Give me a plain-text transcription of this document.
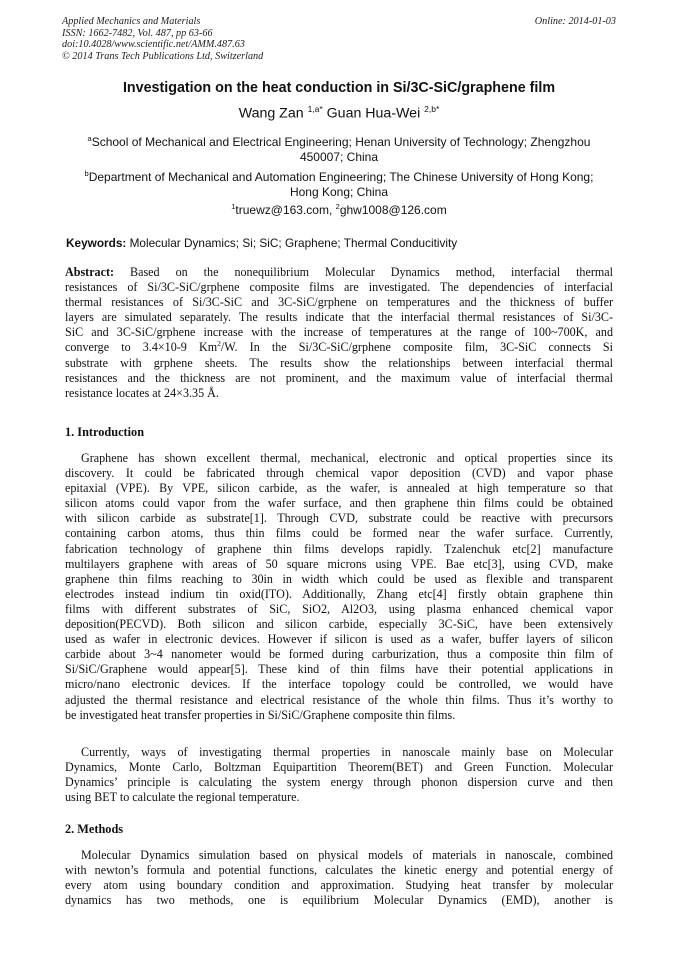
Applied Mechanics and Materials
ISSN: 1662-7482, Vol. 487, pp 63-66
doi:10.4028/www.scientific.net/AMM.487.63
© 2014 Trans Tech Publications Ltd, Switzerland
Online: 2014-01-03
Investigation on the heat conduction in Si/3C-SiC/graphene film
Wang Zan $^{1,a*}$ Guan Hua-Wei $^{2,b*}$
$^a$School of Mechanical and Electrical Engineering; Henan University of Technology; Zhengzhou
450007; China
$^b$Department of Mechanical and Automation Engineering; The Chinese University of Hong Kong;
Hong Kong; China
$^1$truewz@163.com, $^2$ghw1008@126.com
Keywords: Molecular Dynamics; Si; SiC; Graphene; Thermal Conducitivity
Abstract: Based on the nonequilibrium Molecular Dynamics method, interfacial thermal
resistances of Si/3C-SiC/grphene composite films are investigated. The dependencies of interfacial
thermal resistances of Si/3C-SiC and 3C-SiC/grphene on temperatures and the thickness of buffer
layers are simulated separately. The results indicate that the interfacial thermal resistances of Si/3C-
SiC and 3C-SiC/grphene increase with the increase of temperatures at the range of 100~700K, and
converge to 3.4×10-9 Km$^2$/W. In the Si/3C-SiC/grphene composite film, 3C-SiC connects Si
substrate with grphene sheets. The results show the relationships between interfacial thermal
resistances and the thickness are not prominent, and the maximum value of interfacial thermal
resistance locates at 24×3.35 Å.
1. Introduction
Graphene has shown excellent thermal, mechanical, electronic and optical properties since its
discovery. It could be fabricated through chemical vapor deposition (CVD) and vapor phase
epitaxial (VPE). By VPE, silicon carbide, as the wafer, is annealed at high temperature so that
silicon atoms could vapor from the wafer surface, and then graphene thin films could be obtained
with silicon carbide as substrate[1]. Through CVD, substrate could be reactive with precursors
containing carbon atoms, thus thin films could be formed near the wafer surface. Currently,
fabrication technology of graphene thin films develops rapidly. Tzalenchuk etc[2] manufacture
multilayers graphene with areas of 50 square microns using VPE. Bae etc[3], using CVD, make
graphene thin films reaching to 30in in width which could be used as flexible and transparent
electrodes instead indium tin oxid(ITO). Additionally, Zhang etc[4] firstly obtain graphene thin
films with different substrates of SiC, SiO2, Al2O3, using plasma enhanced chemical vapor
deposition(PECVD). Both silicon and silicon carbide, especially 3C-SiC, have been extensively
used as wafer in electronic devices. However if silicon is used as a wafer, buffer layers of silicon
carbide about 3~4 nanometer would be formed during carburization, thus a composite thin film of
Si/SiC/Graphene would appear[5]. These kind of thin films have their potential applications in
micro/nano electronic devices. If the interface topology could be controlled, we would have
adjusted the thermal resistance and electrical resistance of the whole thin films. Thus it’s worthy to
be investigated heat transfer properties in Si/SiC/Graphene composite thin films.
Currently, ways of investigating thermal properties in nanoscale mainly base on Molecular
Dynamics, Monte Carlo, Boltzman Equipartition Theorem(BET) and Green Function. Molecular
Dynamics’ principle is calculating the system energy through phonon dispersion curve and then
using BET to calculate the regional temperature.
2. Methods
Molecular Dynamics simulation based on physical models of materials in nanoscale, combined
with newton’s formula and potential functions, calculates the kinetic energy and potential energy of
every atom using boundary condition and approximation. Studying heat transfer by molecular
dynamics has two methods, one is equilibrium Molecular Dynamics (EMD), another is
